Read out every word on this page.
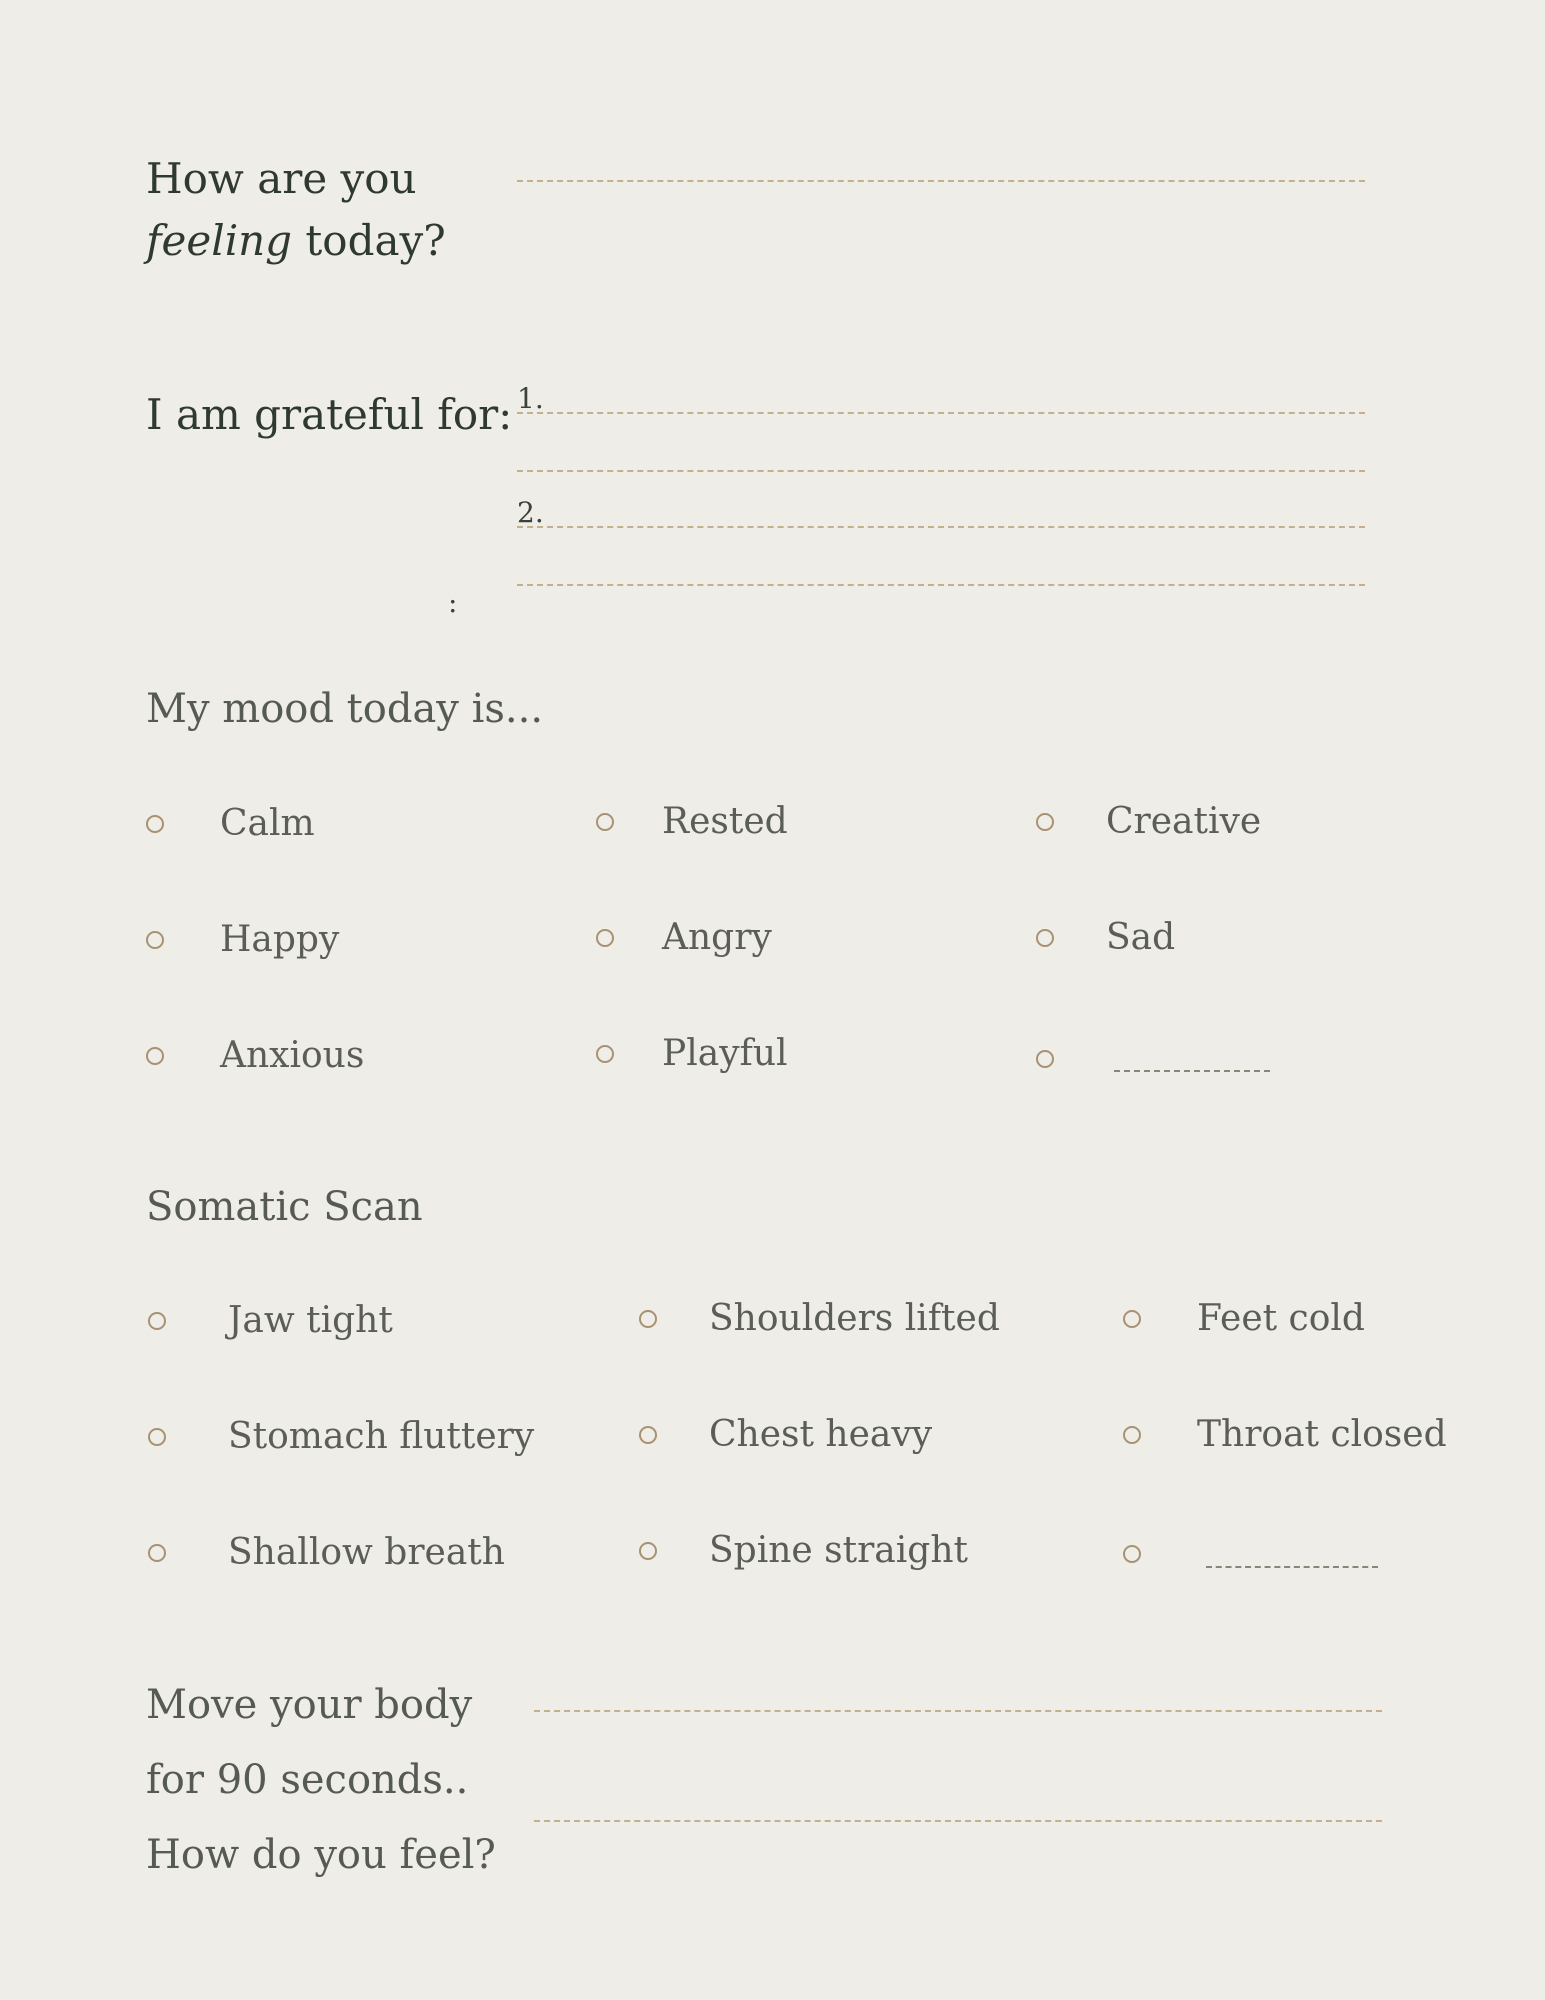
How are you
feeling today?
I am grateful for: 1.
2.
:
My mood today is...
Calm	Rested	Creative
Happy	Angry	Sad
Anxious	Playful
Somatic Scan
Jaw tight	Shoulders lifted	Feet cold
Stomach fluttery	Chest heavy	Throat closed
Shallow breath	Spine straight
Move your body
for 90 seconds..
How do you feel?
